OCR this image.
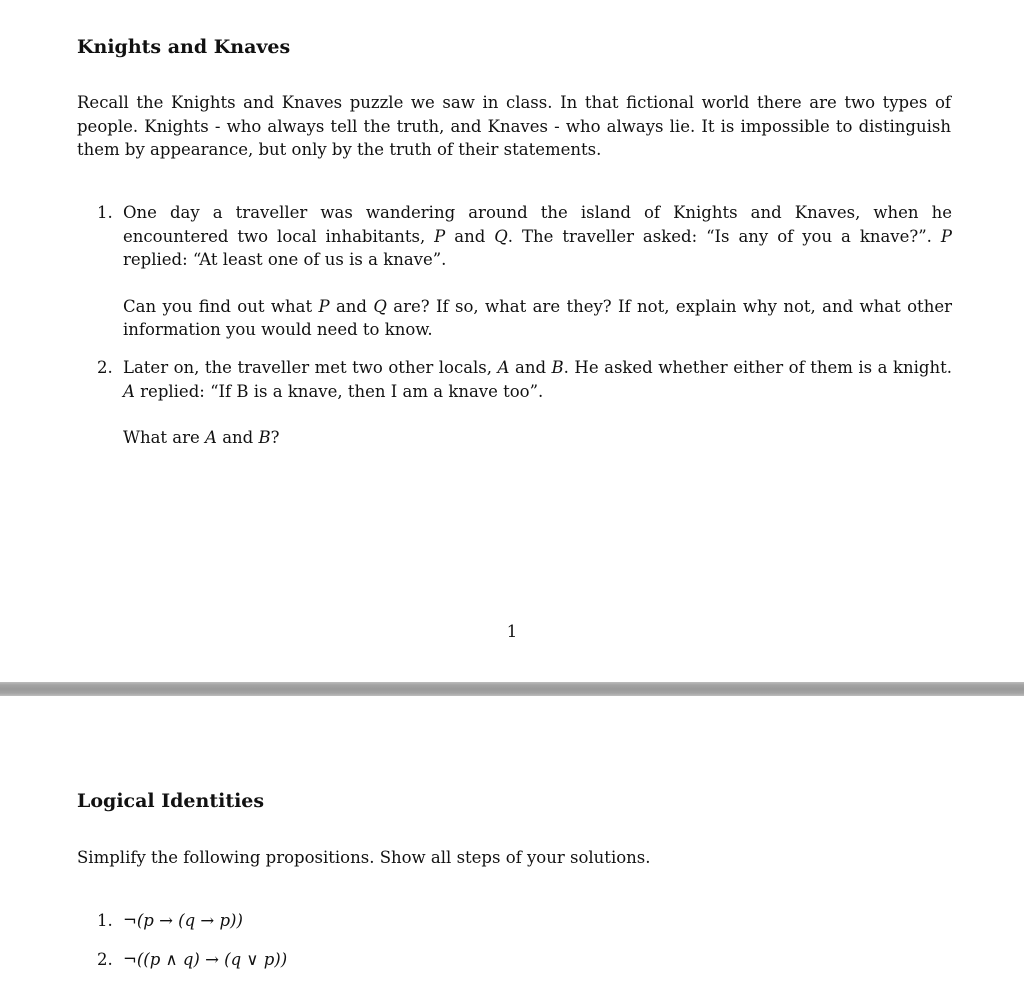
Knights and Knaves

Recall the Knights and Knaves puzzle we saw in class. In that fictional world there are two types of people. Knights - who always tell the truth, and Knaves - who always lie. It is impossible to distinguish them by appearance, but only by the truth of their statements.

1. One day a traveller was wandering around the island of Knights and Knaves, when he encountered two local inhabitants, P and Q. The traveller asked: “Is any of you a knave?”. P replied: “At least one of us is a knave”.

Can you find out what P and Q are? If so, what are they? If not, explain why not, and what other information you would need to know.

2. Later on, the traveller met two other locals, A and B. He asked whether either of them is a knight. A replied: “If B is a knave, then I am a knave too”.

What are A and B?

1
Logical Identities

Simplify the following propositions. Show all steps of your solutions.

1. ¬(p → (q → p))
2. ¬((p ∧ q) → (q ∨ p))
